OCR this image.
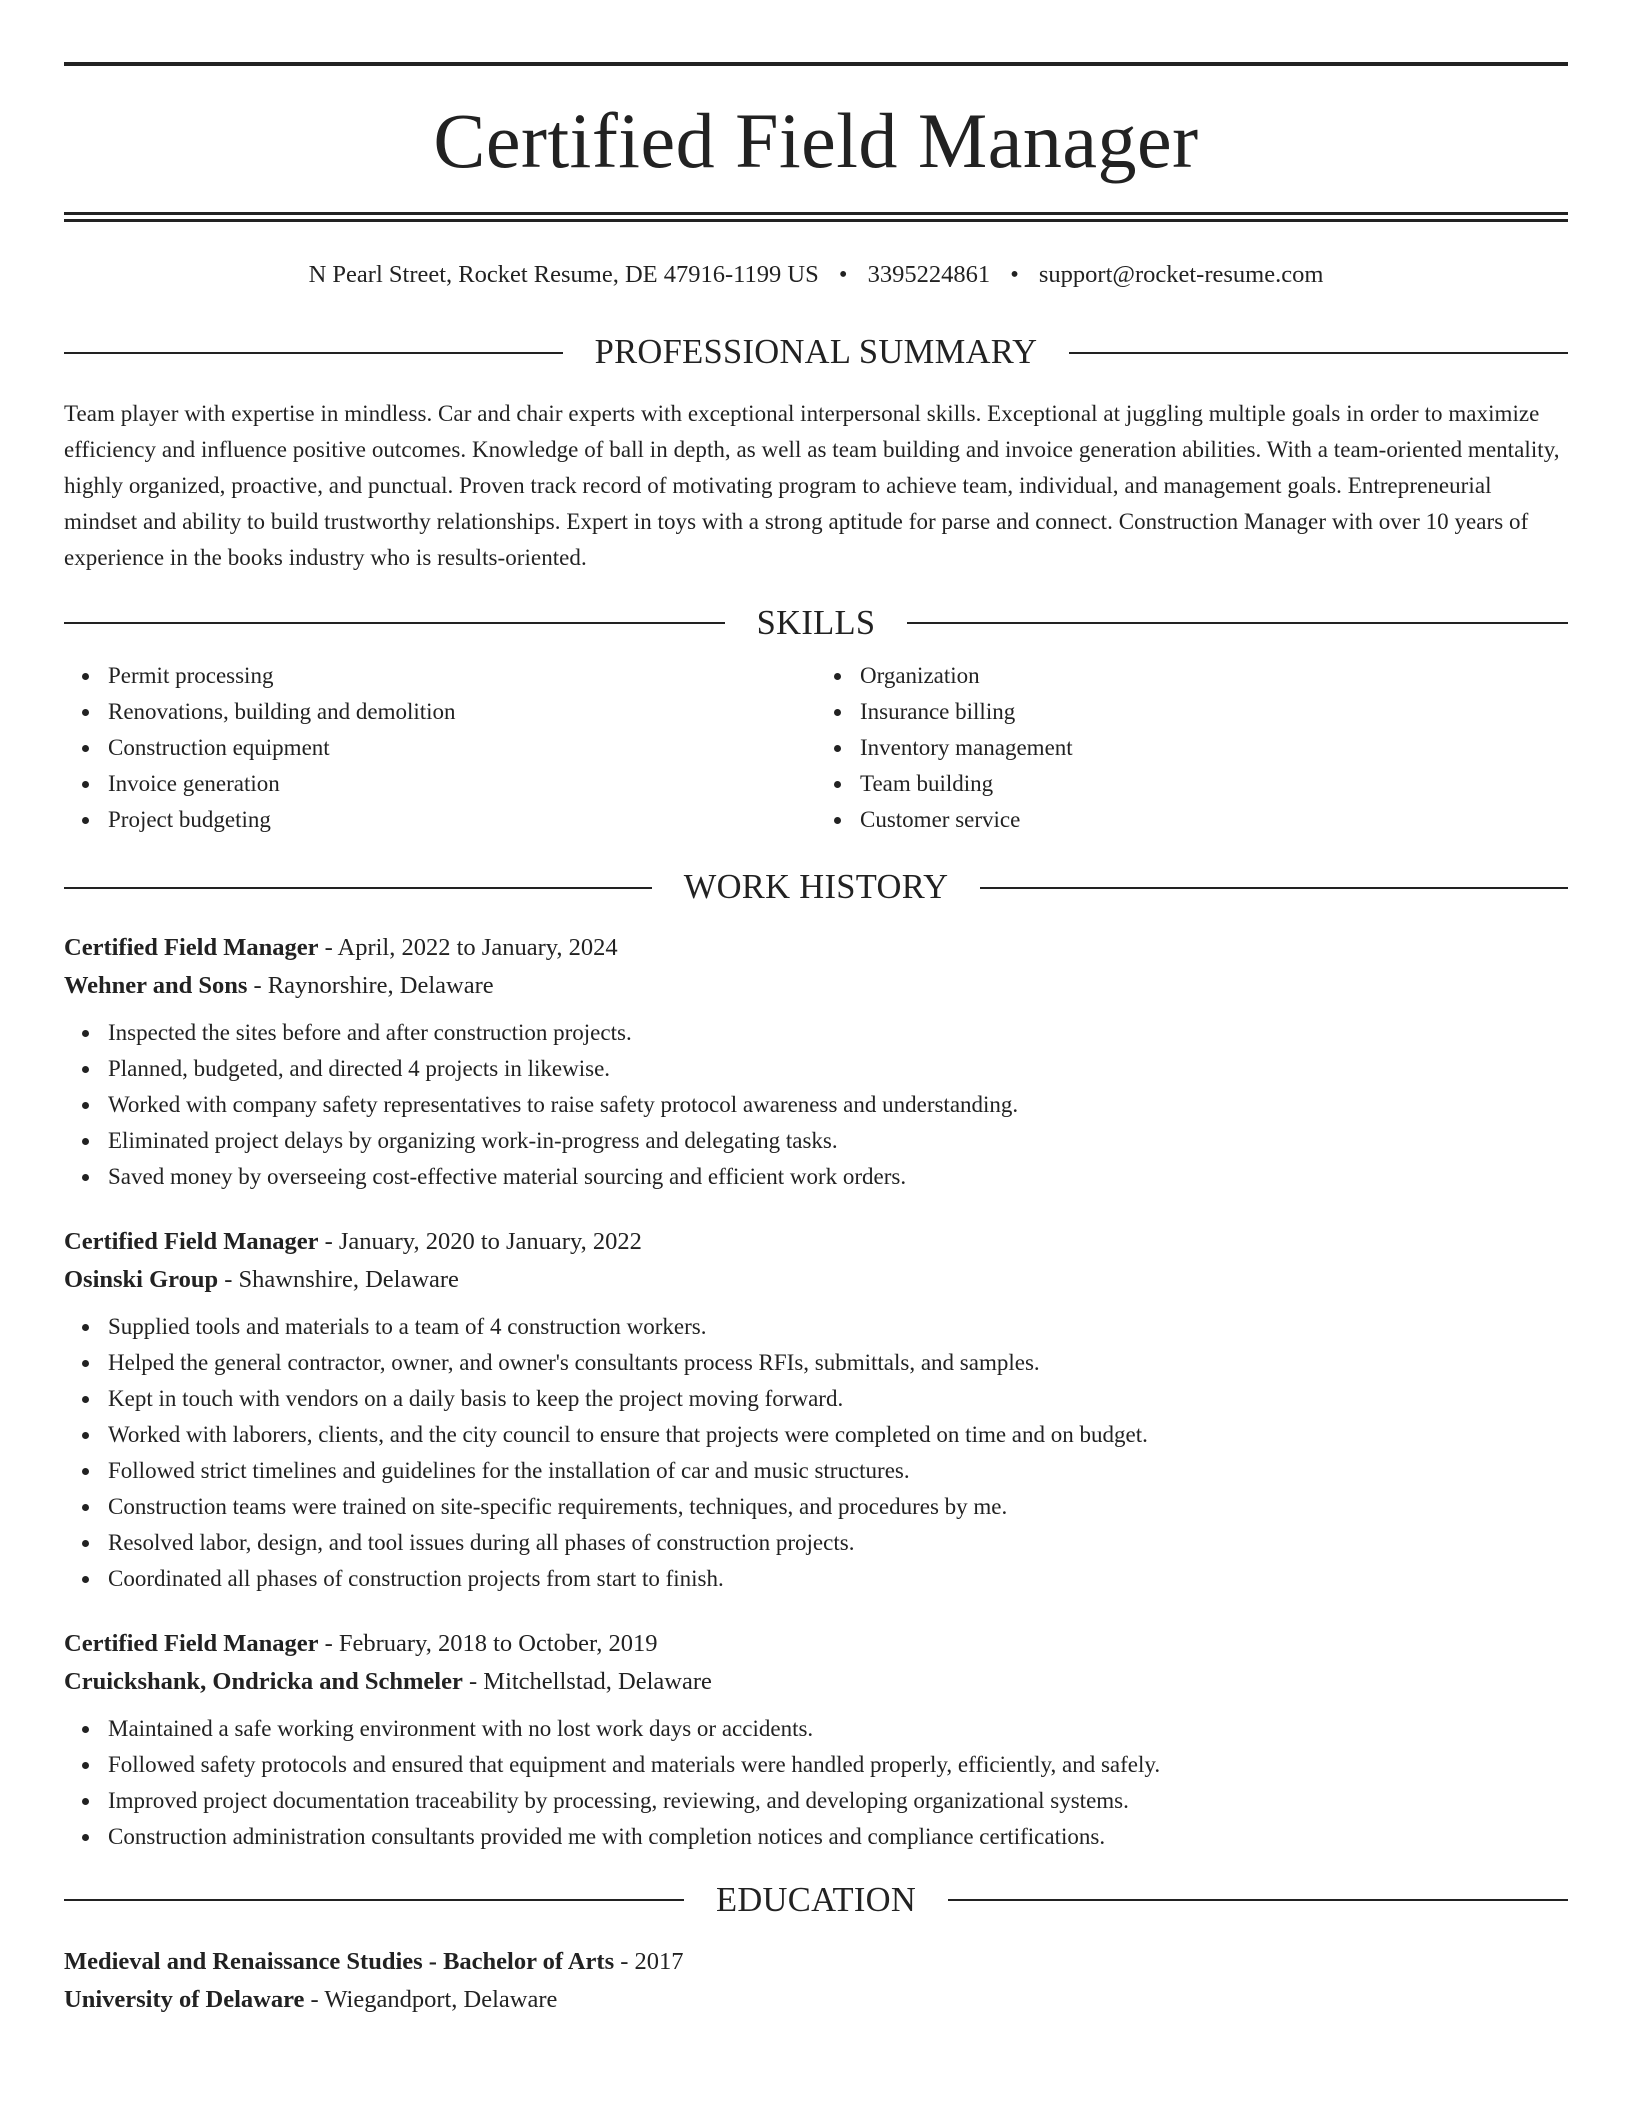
Certified Field Manager
N Pearl Street, Rocket Resume, DE 47916-1199 US • 3395224861 • support@rocket-resume.com
PROFESSIONAL SUMMARY
Team player with expertise in mindless. Car and chair experts with exceptional interpersonal skills. Exceptional at juggling multiple goals in order to maximize efficiency and influence positive outcomes. Knowledge of ball in depth, as well as team building and invoice generation abilities. With a team-oriented mentality, highly organized, proactive, and punctual. Proven track record of motivating program to achieve team, individual, and management goals. Entrepreneurial mindset and ability to build trustworthy relationships. Expert in toys with a strong aptitude for parse and connect. Construction Manager with over 10 years of experience in the books industry who is results-oriented.
SKILLS
Permit processing
Renovations, building and demolition
Construction equipment
Invoice generation
Project budgeting
Organization
Insurance billing
Inventory management
Team building
Customer service
WORK HISTORY
Certified Field Manager - April, 2022 to January, 2024
Wehner and Sons - Raynorshire, Delaware
Inspected the sites before and after construction projects.
Planned, budgeted, and directed 4 projects in likewise.
Worked with company safety representatives to raise safety protocol awareness and understanding.
Eliminated project delays by organizing work-in-progress and delegating tasks.
Saved money by overseeing cost-effective material sourcing and efficient work orders.
Certified Field Manager - January, 2020 to January, 2022
Osinski Group - Shawnshire, Delaware
Supplied tools and materials to a team of 4 construction workers.
Helped the general contractor, owner, and owner's consultants process RFIs, submittals, and samples.
Kept in touch with vendors on a daily basis to keep the project moving forward.
Worked with laborers, clients, and the city council to ensure that projects were completed on time and on budget.
Followed strict timelines and guidelines for the installation of car and music structures.
Construction teams were trained on site-specific requirements, techniques, and procedures by me.
Resolved labor, design, and tool issues during all phases of construction projects.
Coordinated all phases of construction projects from start to finish.
Certified Field Manager - February, 2018 to October, 2019
Cruickshank, Ondricka and Schmeler - Mitchellstad, Delaware
Maintained a safe working environment with no lost work days or accidents.
Followed safety protocols and ensured that equipment and materials were handled properly, efficiently, and safely.
Improved project documentation traceability by processing, reviewing, and developing organizational systems.
Construction administration consultants provided me with completion notices and compliance certifications.
EDUCATION
Medieval and Renaissance Studies - Bachelor of Arts - 2017
University of Delaware - Wiegandport, Delaware
